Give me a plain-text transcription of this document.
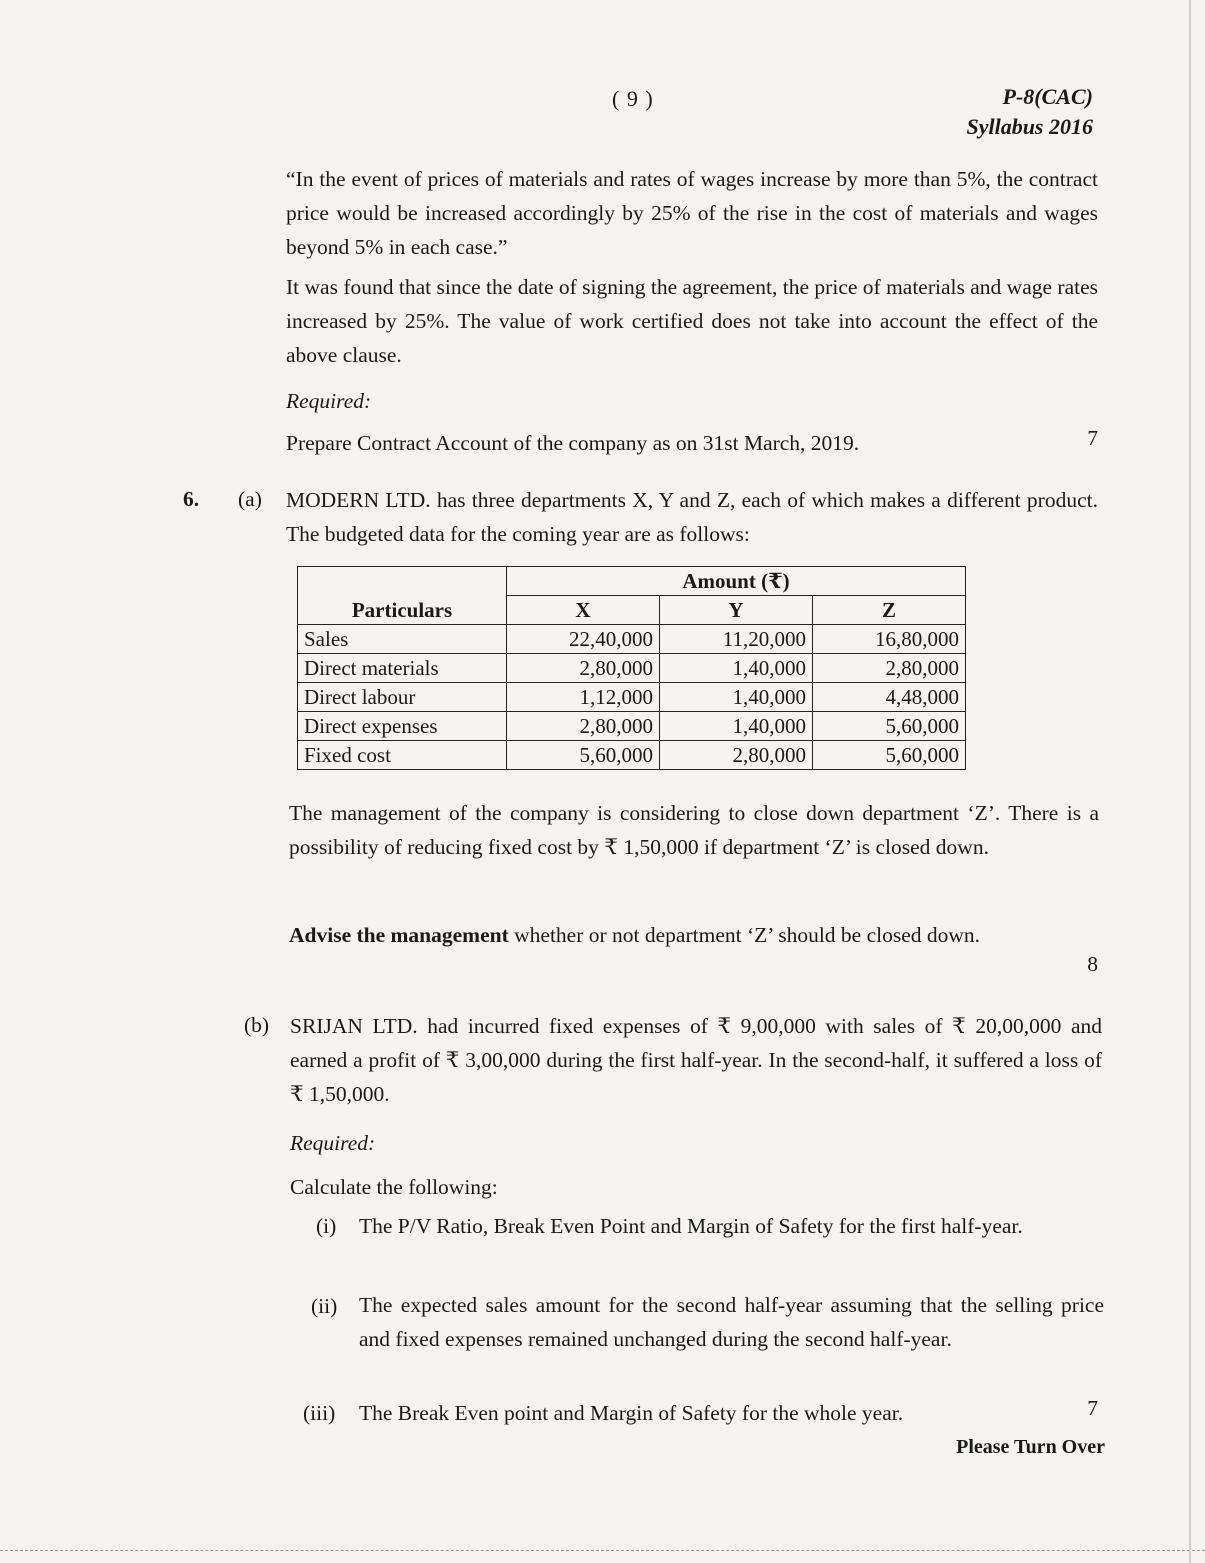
( 9 )	P-8(CAC)
Syllabus 2016
“In the event of prices of materials and rates of wages increase by more than 5%, the contract price would be increased accordingly by 25% of the rise in the cost of materials and wages beyond 5% in each case.”
It was found that since the date of signing the agreement, the price of materials and wage rates increased by 25%. The value of work certified does not take into account the effect of the above clause.
Required:
Prepare Contract Account of the company as on 31st March, 2019.	7
6. (a) MODERN LTD. has three departments X, Y and Z, each of which makes a different product. The budgeted data for the coming year are as follows:
	Amount (₹)		
Particulars	X	Y	Z
Sales	22,40,000	11,20,000	16,80,000
Direct materials	2,80,000	1,40,000	2,80,000
Direct labour	1,12,000	1,40,000	4,48,000
Direct expenses	2,80,000	1,40,000	5,60,000
Fixed cost	5,60,000	2,80,000	5,60,000
The management of the company is considering to close down department ‘Z’. There is a possibility of reducing fixed cost by ₹ 1,50,000 if department ‘Z’ is closed down.
Advise the management whether or not department ‘Z’ should be closed down.
8
(b) SRIJAN LTD. had incurred fixed expenses of ₹ 9,00,000 with sales of ₹ 20,00,000 and earned a profit of ₹ 3,00,000 during the first half-year. In the second-half, it suffered a loss of ₹ 1,50,000.
Required:
Calculate the following:
(i) The P/V Ratio, Break Even Point and Margin of Safety for the first half-year.
(ii) The expected sales amount for the second half-year assuming that the selling price and fixed expenses remained unchanged during the second half-year.
(iii) The Break Even point and Margin of Safety for the whole year.	7
Please Turn Over
